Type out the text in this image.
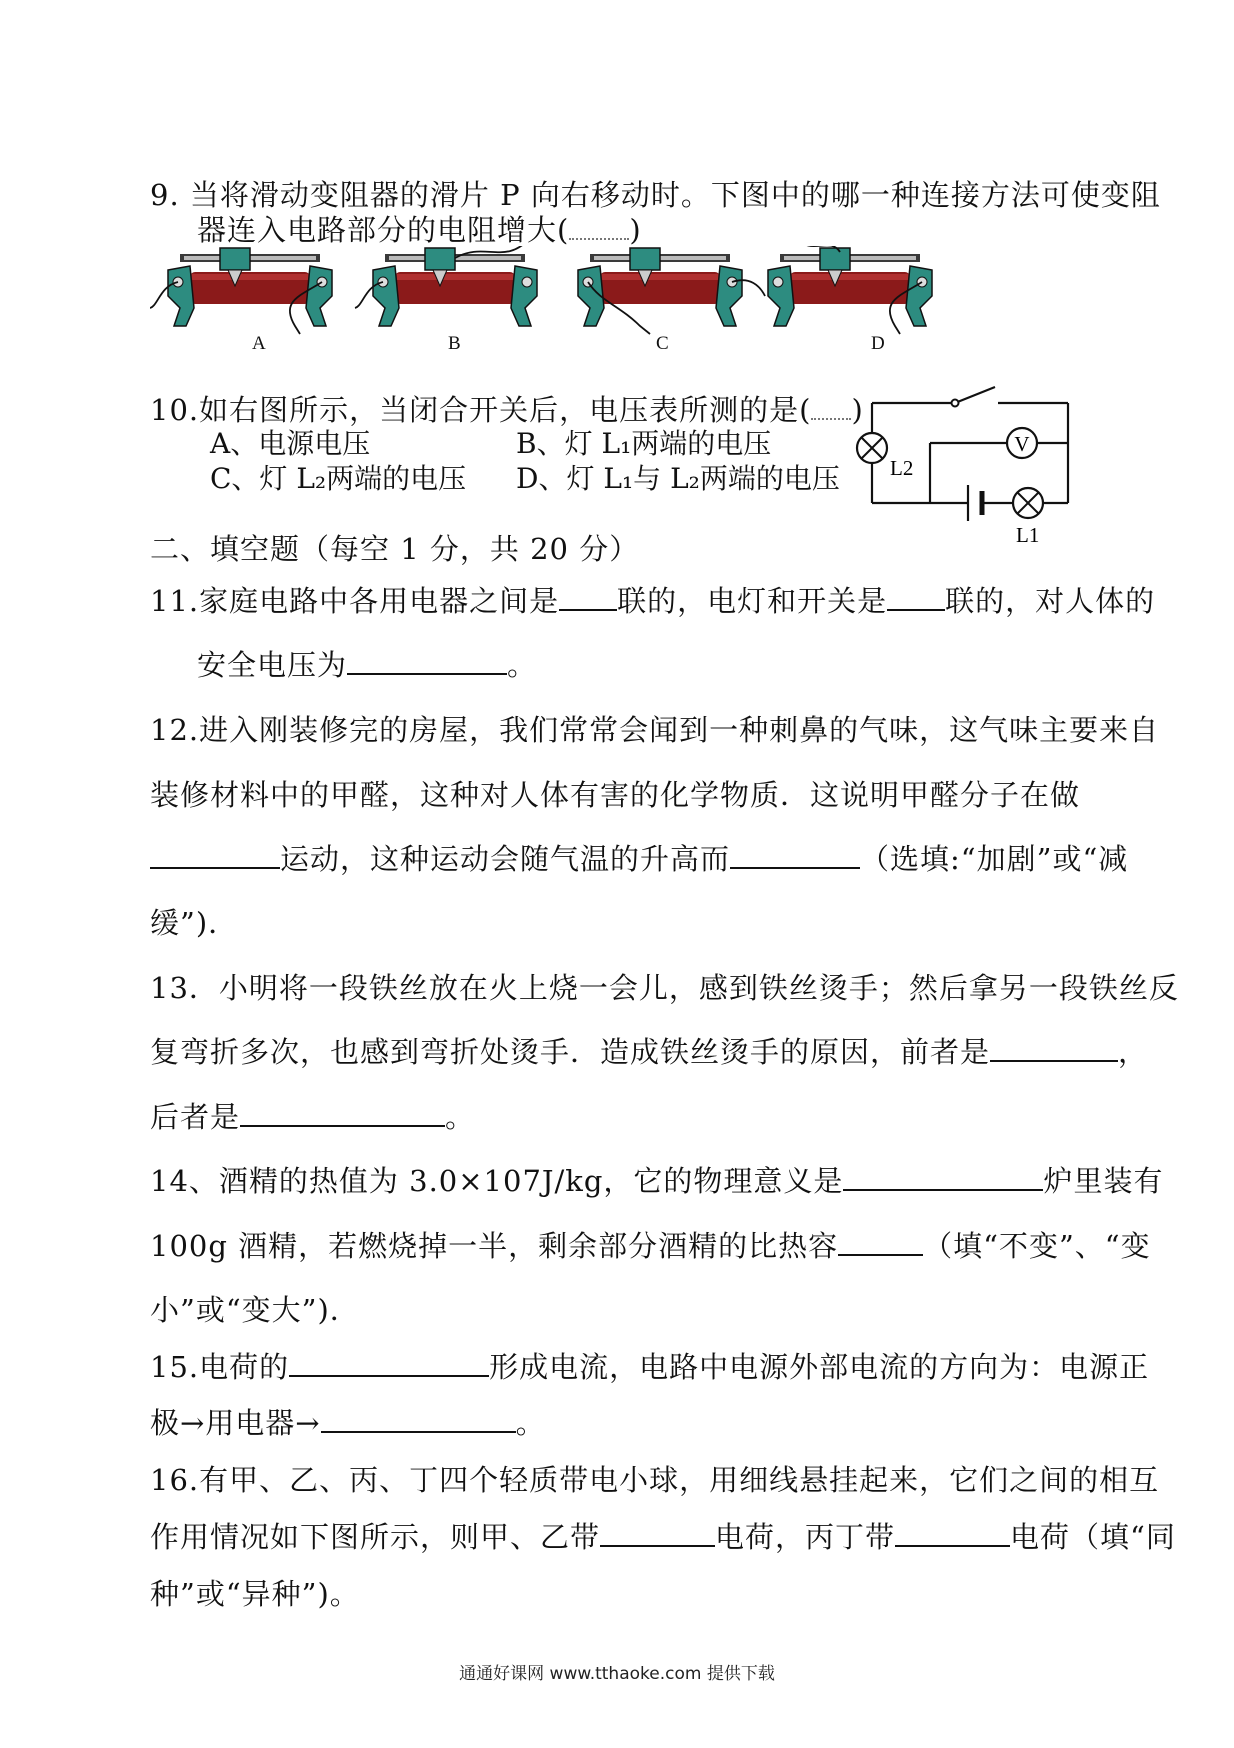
9. 当将滑动变阻器的滑片 P 向右移动时。下图中的哪一种连接方法可使变阻
器连入电路部分的电阻增大( )
A	B	C	D
10.如右图所示，当闭合开关后，电压表所测的是( )
A、电源电压	B、灯 L₁两端的电压
C、灯 L₂两端的电压 D、灯 L₁与 L₂两端的电压
V
L2
L1
二、填空题（每空 1 分，共 20 分）
11.家庭电路中各用电器之间是 联的，电灯和开关是 联的，对人体的
安全电压为	。
12.进入刚装修完的房屋，我们常常会闻到一种刺鼻的气味，这气味主要来自
装修材料中的甲醛，这种对人体有害的化学物质．这说明甲醛分子在做
运动，这种运动会随气温的升高而	（选填:“加剧”或“减
缓”)．
13．小明将一段铁丝放在火上烧一会儿，感到铁丝烫手；然后拿另一段铁丝反
复弯折多次，也感到弯折处烫手．造成铁丝烫手的原因，前者是	，
后者是	。
14、酒精的热值为 3.0×107J/kg，它的物理意义是	炉里装有
100g 酒精，若燃烧掉一半，剩余部分酒精的比热容	（填“不变”、“变
小”或“变大”)．
15.电荷的	形成电流，电路中电源外部电流的方向为：电源正
极→用电器→	。
16.有甲、乙、丙、丁四个轻质带电小球，用细线悬挂起来，它们之间的相互
作用情况如下图所示，则甲、乙带	电荷，丙丁带	电荷（填“同
种”或“异种”)。
通通好课网 www.tthaoke.com 提供下载
